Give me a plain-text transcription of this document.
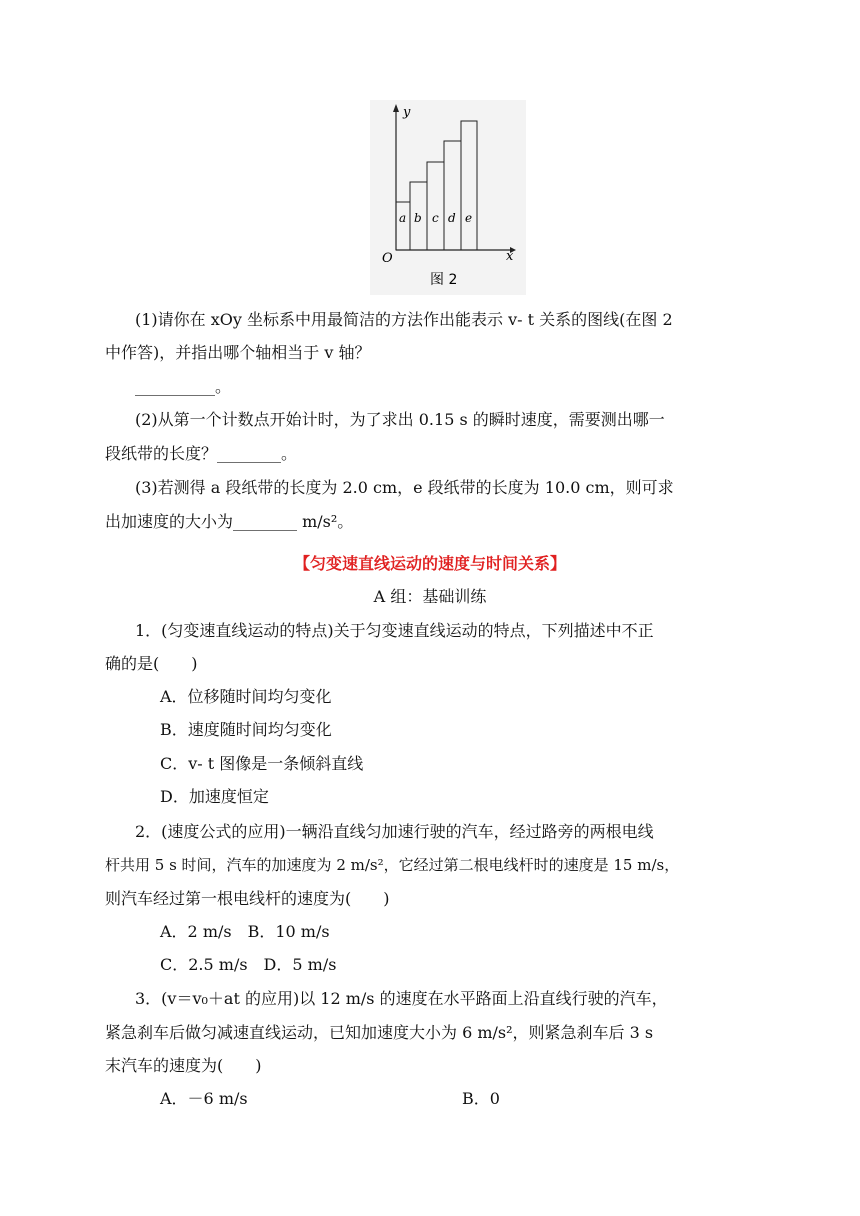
y
x
O
a b c d e
图 2
(1)请你在 xOy 坐标系中用最简洁的方法作出能表示 v- t 关系的图线(在图 2
中作答)，并指出哪个轴相当于 v 轴？
__________。
(2)从第一个计数点开始计时，为了求出 0.15 s 的瞬时速度，需要测出哪一
段纸带的长度？________。
(3)若测得 a 段纸带的长度为 2.0 cm，e 段纸带的长度为 10.0 cm，则可求
出加速度的大小为________ m/s²。
【匀变速直线运动的速度与时间关系】
A 组：基础训练
1．(匀变速直线运动的特点)关于匀变速直线运动的特点，下列描述中不正
确的是(　　)
A．位移随时间均匀变化
B．速度随时间均匀变化
C．v- t 图像是一条倾斜直线
D．加速度恒定
2．(速度公式的应用)一辆沿直线匀加速行驶的汽车，经过路旁的两根电线
杆共用 5 s 时间，汽车的加速度为 2 m/s²，它经过第二根电线杆时的速度是 15 m/s，
则汽车经过第一根电线杆的速度为(　　)
A．2 m/s　B．10 m/s
C．2.5 m/s　D．5 m/s
3．(v＝v₀＋at 的应用)以 12 m/s 的速度在水平路面上沿直线行驶的汽车，
紧急刹车后做匀减速直线运动，已知加速度大小为 6 m/s²，则紧急刹车后 3 s
末汽车的速度为(　　)
A．－6 m/s	B．0
